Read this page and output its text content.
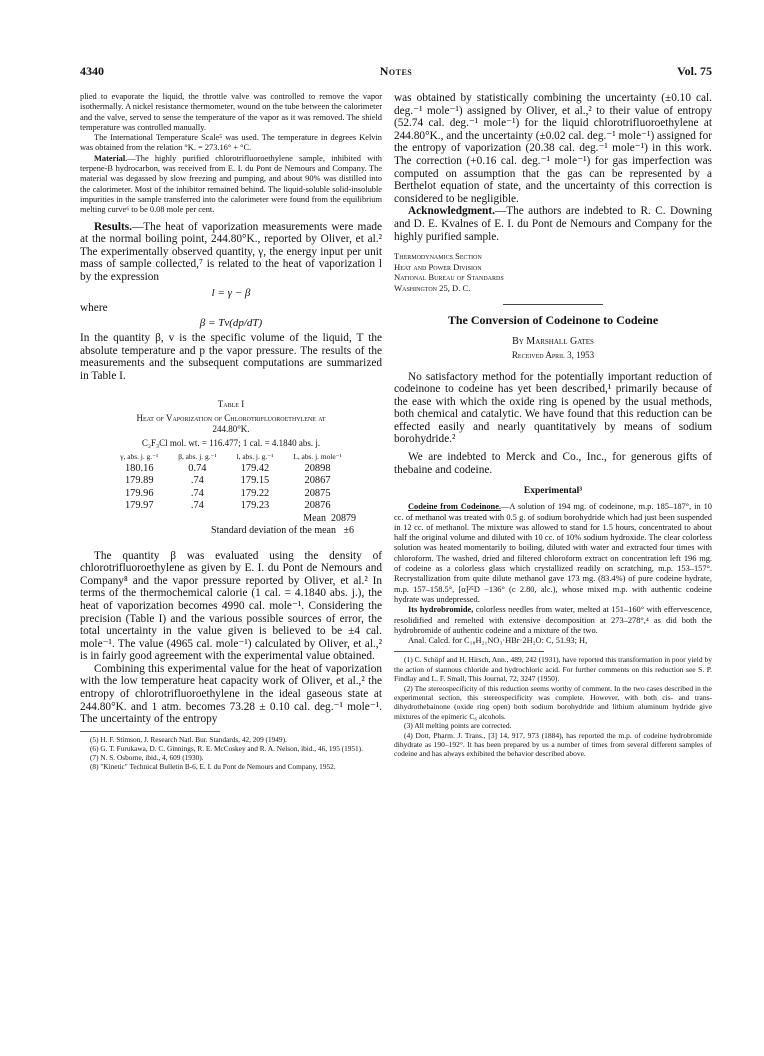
4340	Notes	Vol. 75

plied to evaporate the liquid, the throttle valve was controlled to remove the vapor isothermally. A nickel resistance thermometer, wound on the tube between the calorimeter and the valve, served to sense the temperature of the vapor as it was removed. The shield temperature was controlled manually.

The International Temperature Scale⁵ was used. The temperature in degrees Kelvin was obtained from the relation °K. = 273.16° + °C.

Material.—The highly purified chlorotrifluoroethylene sample, inhibited with terpene-B hydrocarbon, was received from E. I. du Pont de Nemours and Company. The material was degassed by slow freezing and pumping, and about 90% was distilled into the calorimeter. Most of the inhibitor remained behind. The liquid-soluble solid-insoluble impurities in the sample transferred into the calorimeter were found from the equilibrium melting curve⁶ to be 0.08 mole per cent.

Results.—The heat of vaporization measurements were made at the normal boiling point, 244.80°K., reported by Oliver, et al.² The experimentally observed quantity, γ, the energy input per unit mass of sample collected,⁷ is related to the heat of vaporization l by the expression

l = γ − β

where

β = Tv(dp/dT)

In the quantity β, v is the specific volume of the liquid, T the absolute temperature and p the vapor pressure. The results of the measurements and the subsequent computations are summarized in Table I.

Table I
Heat of Vaporization of Chlorotrifluoroethylene at
244.80°K.
C₂F₃Cl mol. wt. = 116.477; 1 cal. = 4.1840 abs. j.
γ, abs. j. g.⁻¹	β, abs. j. g.⁻¹	l, abs. j. g.⁻¹	L, abs. j. mole⁻¹
180.16	0.74	179.42	20898
179.89	.74	179.15	20867
179.96	.74	179.22	20875
179.97	.74	179.23	20876
Mean 20879
Standard deviation of the mean ±6

The quantity β was evaluated using the density of chlorotrifluoroethylene as given by E. I. du Pont de Nemours and Company⁸ and the vapor pressure reported by Oliver, et al.² In terms of the thermochemical calorie (1 cal. = 4.1840 abs. j.), the heat of vaporization becomes 4990 cal. mole⁻¹. Considering the precision (Table I) and the various possible sources of error, the total uncertainty in the value given is believed to be ±4 cal. mole⁻¹. The value (4965 cal. mole⁻¹) calculated by Oliver, et al.,² is in fairly good agreement with the experimental value obtained.

Combining this experimental value for the heat of vaporization with the low temperature heat capacity work of Oliver, et al.,² the entropy of chlorotrifluoroethylene in the ideal gaseous state at 244.80°K. and 1 atm. becomes 73.28 ± 0.10 cal. deg.⁻¹ mole⁻¹. The uncertainty of the entropy

(5) H. F. Stimson, J. Research Natl. Bur. Standards, 42, 209 (1949).

(6) G. T. Furukawa, D. C. Ginnings, R. E. McCoskey and R. A. Nelson, ibid., 46, 195 (1951).

(7) N. S. Osborne, ibid., 4, 609 (1930).

(8) "Kinetic" Technical Bulletin B-6, E. I. du Pont de Nemours and Company, 1952.

was obtained by statistically combining the uncertainty (±0.10 cal. deg.⁻¹ mole⁻¹) assigned by Oliver, et al.,² to their value of entropy (52.74 cal. deg.⁻¹ mole⁻¹) for the liquid chlorotrifluoroethylene at 244.80°K., and the uncertainty (±0.02 cal. deg.⁻¹ mole⁻¹) assigned for the entropy of vaporization (20.38 cal. deg.⁻¹ mole⁻¹) in this work. The correction (+0.16 cal. deg.⁻¹ mole⁻¹) for gas imperfection was computed on assumption that the gas can be represented by a Berthelot equation of state, and the uncertainty of this correction is considered to be negligible.

Acknowledgment.—The authors are indebted to R. C. Downing and D. E. Kvalnes of E. I. du Pont de Nemours and Company for the highly purified sample.

Thermodynamics Section
Heat and Power Division
National Bureau of Standards
Washington 25, D. C.
The Conversion of Codeinone to Codeine
By Marshall Gates
Received April 3, 1953

No satisfactory method for the potentially important reduction of codeinone to codeine has yet been described,¹ primarily because of the ease with which the oxide ring is opened by the usual methods, both chemical and catalytic. We have found that this reduction can be effected easily and nearly quantitatively by means of sodium borohydride.²

We are indebted to Merck and Co., Inc., for generous gifts of thebaine and codeine.

Experimental³

Codeine from Codeinone.—A solution of 194 mg. of codeinone, m.p. 185–187°, in 10 cc. of methanol was treated with 0.5 g. of sodium borohydride which had just been suspended in 12 cc. of methanol. The mixture was allowed to stand for 1.5 hours, concentrated to about half the original volume and diluted with 10 cc. of 10% sodium hydroxide. The clear colorless solution was heated momentarily to boiling, diluted with water and extracted four times with chloroform. The washed, dried and filtered chloroform extract on concentration left 196 mg. of codeine as a colorless glass which crystallized readily on scratching, m.p. 153–157°. Recrystallization from quite dilute methanol gave 173 mg. (83.4%) of pure codeine hydrate, m.p. 157–158.5°, [α]²⁵D −136° (c 2.80, alc.), whose mixed m.p. with authentic codeine hydrate was undepressed.

Its hydrobromide, colorless needles from water, melted at 151–160° with effervescence, resolidified and remelted with extensive decomposition at 273–278°,⁴ as did both the hydrobromide of authentic codeine and a mixture of the two.

Anal. Calcd. for C₁₈H₂₁NO₃·HBr·2H₂O: C, 51.93; H,

(1) C. Schöpf and H. Hirsch, Ann., 489, 242 (1931), have reported this transformation in poor yield by the action of stannous chloride and hydrochloric acid. For further comments on this reduction see S. P. Findlay and L. F. Small, This Journal, 72, 3247 (1950).

(2) The stereospecificity of this reduction seems worthy of comment. In the two cases described in the experimental section, this stereospecificity was complete. However, with both cis- and trans-dihydrothebainone (oxide ring open) both sodium borohydride and lithium aluminum hydride give mixtures of the epimeric C₆ alcohols.

(3) All melting points are corrected.

(4) Dott, Pharm. J. Trans., [3] 14, 917, 973 (1884), has reported the m.p. of codeine hydrobromide dihydrate as 190–192°. It has been prepared by us a number of times from several different samples of codeine and has always exhibited the behavior described above.
